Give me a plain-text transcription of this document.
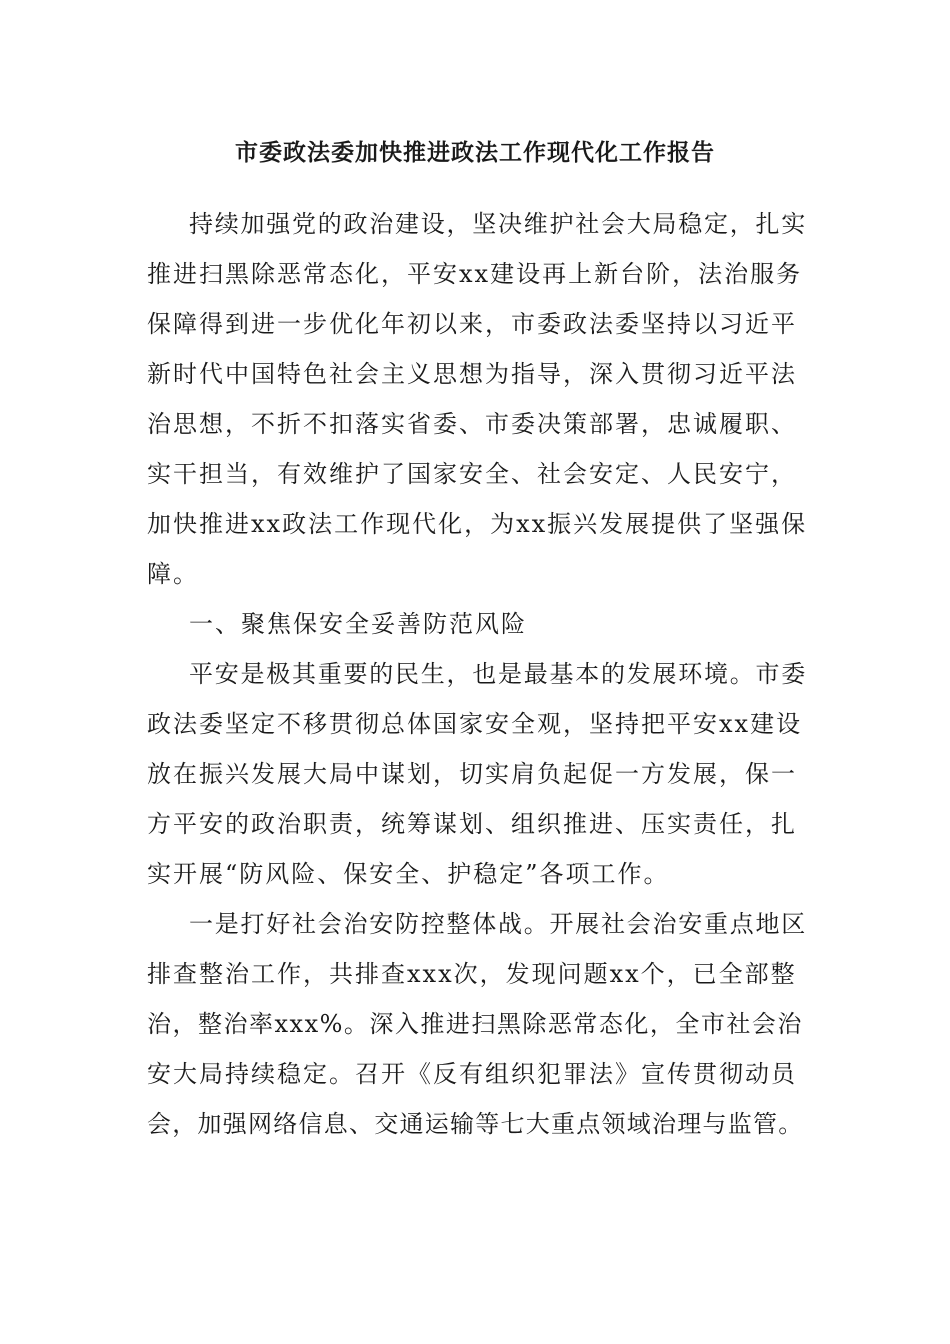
市委政法委加快推进政法工作现代化工作报告

持续加强党的政治建设，坚决维护社会大局稳定，扎实

推进扫黑除恶常态化，平安xx建设再上新台阶，法治服务

保障得到进一步优化年初以来，市委政法委坚持以习近平

新时代中国特色社会主义思想为指导，深入贯彻习近平法

治思想，不折不扣落实省委、市委决策部署，忠诚履职、

实干担当，有效维护了国家安全、社会安定、人民安宁，

加快推进xx政法工作现代化，为xx振兴发展提供了坚强保

障。

一、聚焦保安全妥善防范风险

平安是极其重要的民生，也是最基本的发展环境。市委

政法委坚定不移贯彻总体国家安全观，坚持把平安xx建设

放在振兴发展大局中谋划，切实肩负起促一方发展，保一

方平安的政治职责，统筹谋划、组织推进、压实责任，扎

实开展“防风险、保安全、护稳定”各项工作。

一是打好社会治安防控整体战。开展社会治安重点地区

排查整治工作，共排查xxx次，发现问题xx个，已全部整

治，整治率xxx%。深入推进扫黑除恶常态化，全市社会治

安大局持续稳定。召开《反有组织犯罪法》宣传贯彻动员

会，加强网络信息、交通运输等七大重点领域治理与监管。
